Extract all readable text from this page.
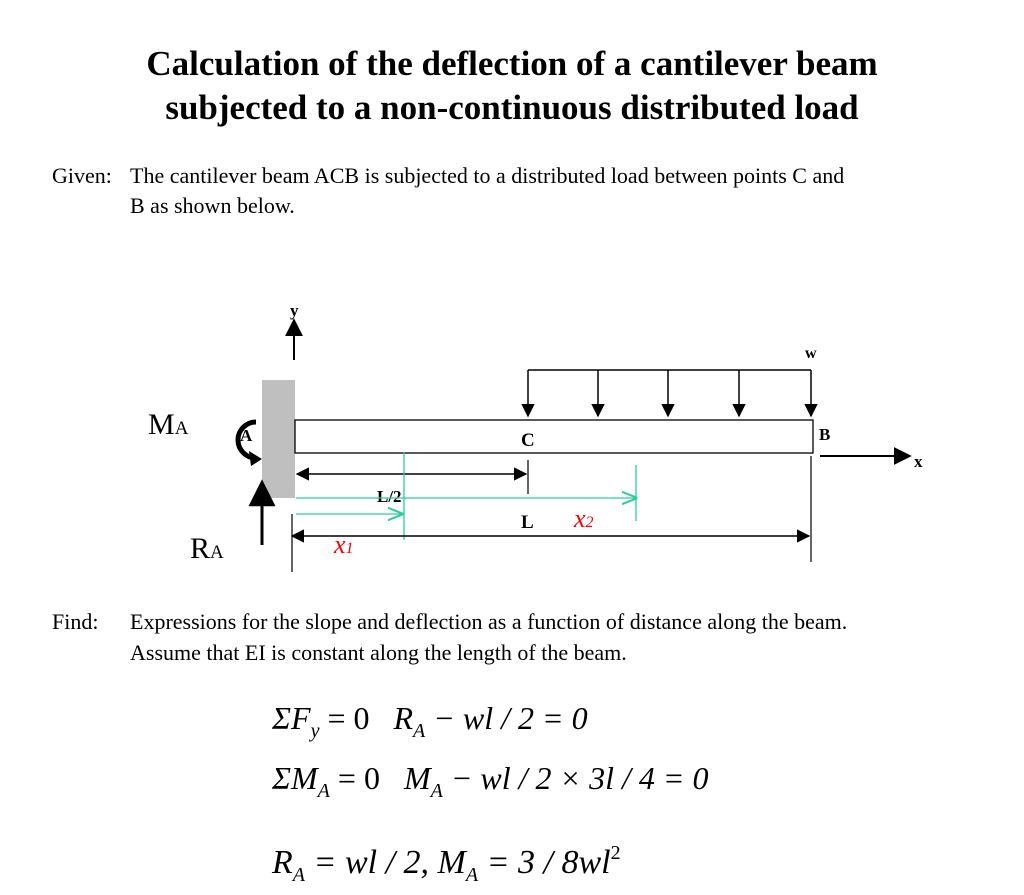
Calculation of the deflection of a cantilever beam
subjected to a non-continuous distributed load
Given: The cantilever beam ACB is subjected to a distributed load between points C and
B as shown below.
y
w
A	C	B
x
MA
RA
L/2
x2
x1
L
Find: Expressions for the slope and deflection as a function of distance along the beam.
Assume that EI is constant along the length of the beam.
$\Sigma F_y = 0$   $R_A$ − wl / 2 = 0
$\Sigma M_A = 0$   $M_A$ − wl / 2 × 3l / 4 = 0
$R_A$ = wl / 2, $M_A = 3 / 8wl^2$
